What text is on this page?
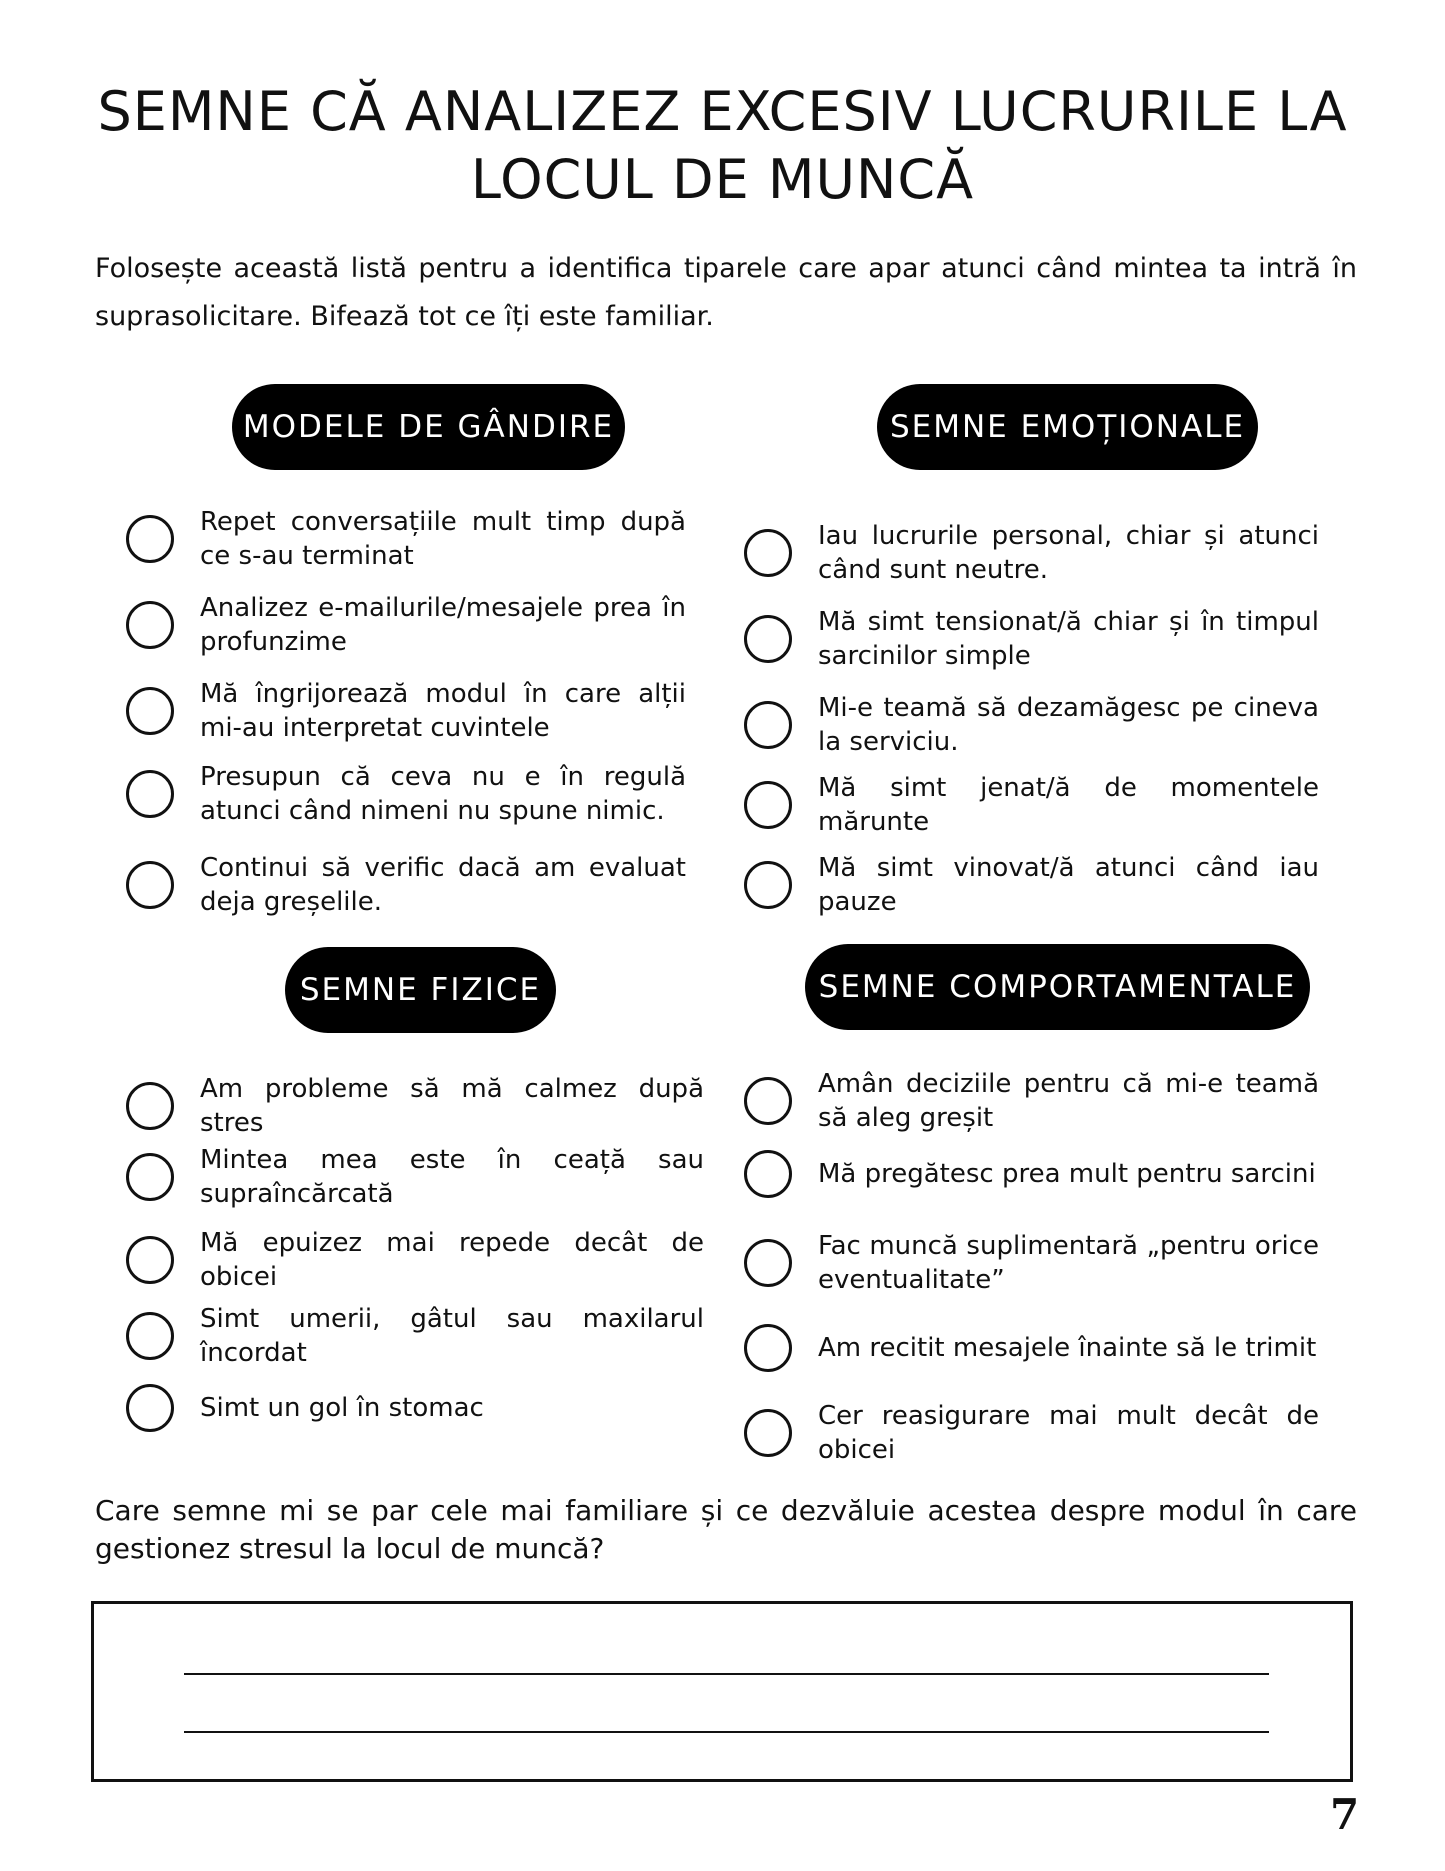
SEMNE CĂ ANALIZEZ EXCESIV LUCRURILE LA LOCUL DE MUNCĂ
Folosește această listă pentru a identifica tiparele care apar atunci când mintea ta intră în suprasolicitare. Bifează tot ce îți este familiar.
MODELE DE GÂNDIRE
Repet conversațiile mult timp după ce s-au terminat
Analizez e-mailurile/mesajele prea în profunzime
Mă îngrijorează modul în care alții mi-au interpretat cuvintele
Presupun că ceva nu e în regulă atunci când nimeni nu spune nimic.
Continui să verific dacă am evaluat deja greșelile.
SEMNE EMOȚIONALE
Iau lucrurile personal, chiar și atunci când sunt neutre.
Mă simt tensionat/ă chiar și în timpul sarcinilor simple
Mi-e teamă să dezamăgesc pe cineva la serviciu.
Mă simt jenat/ă de momentele mărunte
Mă simt vinovat/ă atunci când iau pauze
SEMNE FIZICE
Am probleme să mă calmez după stres
Mintea mea este în ceață sau supraîncărcată
Mă epuizez mai repede decât de obicei
Simt umerii, gâtul sau maxilarul încordat
Simt un gol în stomac
SEMNE COMPORTAMENTALE
Amân deciziile pentru că mi-e teamă să aleg greșit
Mă pregătesc prea mult pentru sarcini
Fac muncă suplimentară „pentru orice eventualitate”
Am recitit mesajele înainte să le trimit
Cer reasigurare mai mult decât de obicei
Care semne mi se par cele mai familiare și ce dezvăluie acestea despre modul în care gestionez stresul la locul de muncă?
7
